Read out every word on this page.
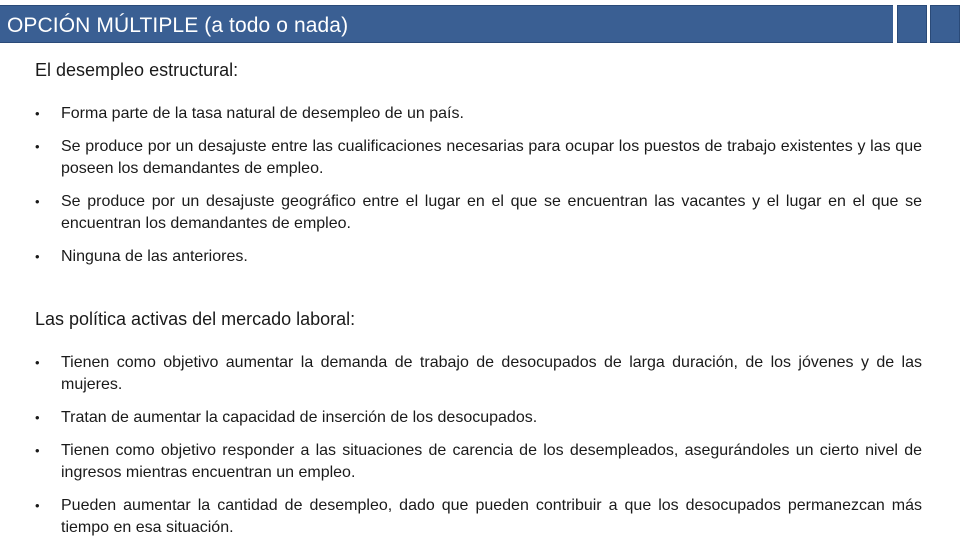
OPCIÓN MÚLTIPLE (a todo o nada)

El desempleo estructural:

•	Forma parte de la tasa natural de desempleo de un país.
•	Se produce por un desajuste entre las cualificaciones necesarias para ocupar los puestos de trabajo existentes y las que poseen los demandantes de empleo.
•	Se produce por un desajuste geográfico entre el lugar en el que se encuentran las vacantes y el lugar en el que se encuentran los demandantes de empleo.
•	Ninguna de las anteriores.

Las política activas del mercado laboral:

•	Tienen como objetivo aumentar la demanda de trabajo de desocupados de larga duración, de los jóvenes y de las mujeres.
•	Tratan de aumentar la capacidad de inserción de los desocupados.
•	Tienen como objetivo responder a las situaciones de carencia de los desempleados, asegurándoles un cierto nivel de ingresos mientras encuentran un empleo.
•	Pueden aumentar la cantidad de desempleo, dado que pueden contribuir a que los desocupados permanezcan más tiempo en esa situación.
